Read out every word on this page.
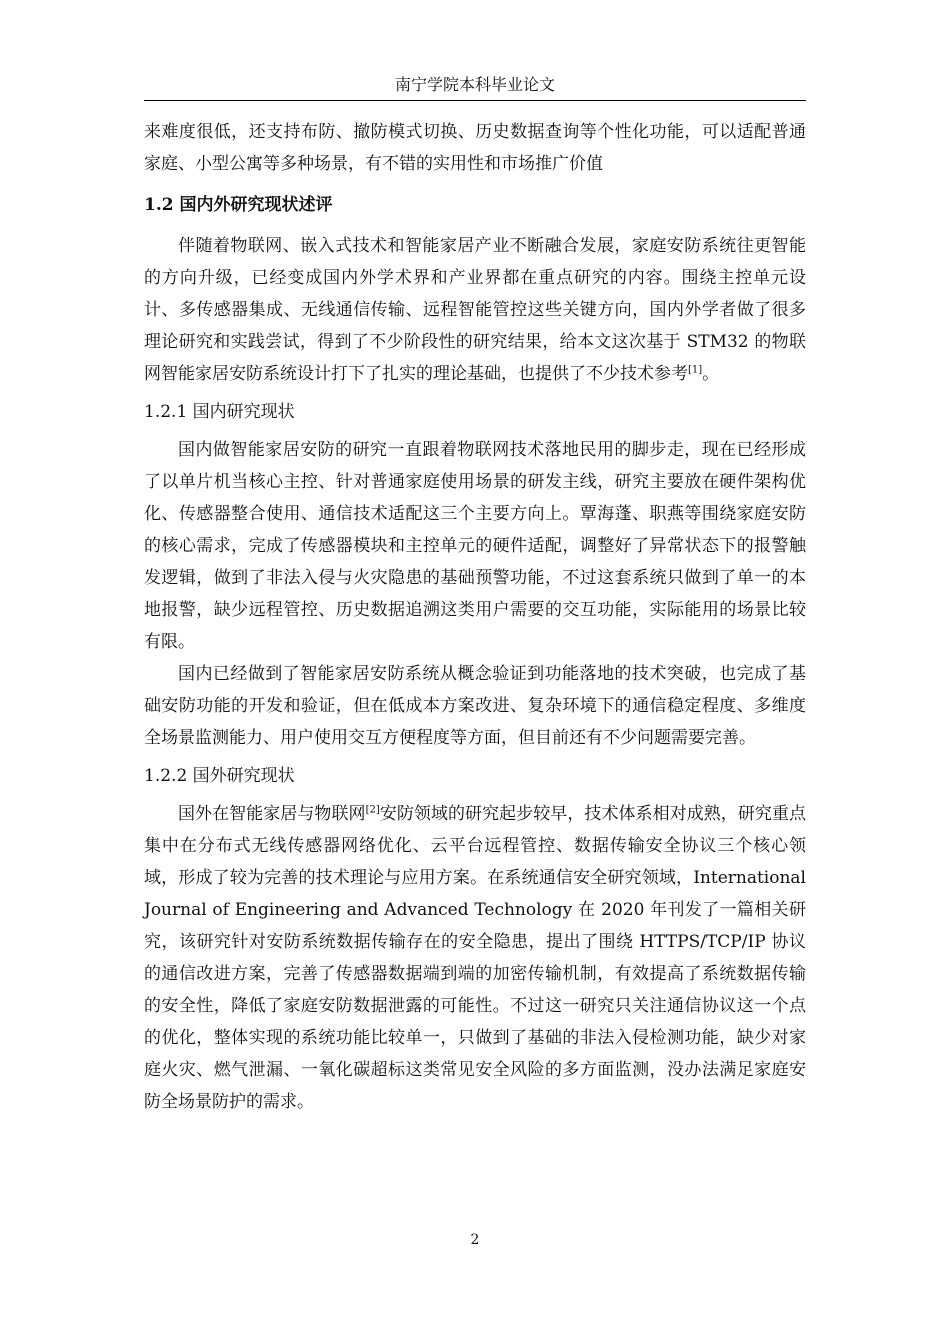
南宁学院本科毕业论文

来难度很低，还支持布防、撤防模式切换、历史数据查询等个性化功能，可以适配普通家庭、小型公寓等多种场景，有不错的实用性和市场推广价值

1.2 国内外研究现状述评

伴随着物联网、嵌入式技术和智能家居产业不断融合发展，家庭安防系统往更智能的方向升级，已经变成国内外学术界和产业界都在重点研究的内容。围绕主控单元设计、多传感器集成、无线通信传输、远程智能管控这些关键方向，国内外学者做了很多理论研究和实践尝试，得到了不少阶段性的研究结果，给本文这次基于 STM32 的物联网智能家居安防系统设计打下了扎实的理论基础，也提供了不少技术参考[1]。

1.2.1 国内研究现状

国内做智能家居安防的研究一直跟着物联网技术落地民用的脚步走，现在已经形成了以单片机当核心主控、针对普通家庭使用场景的研发主线，研究主要放在硬件架构优化、传感器整合使用、通信技术适配这三个主要方向上。覃海蓬、职燕等围绕家庭安防的核心需求，完成了传感器模块和主控单元的硬件适配，调整好了异常状态下的报警触发逻辑，做到了非法入侵与火灾隐患的基础预警功能，不过这套系统只做到了单一的本地报警，缺少远程管控、历史数据追溯这类用户需要的交互功能，实际能用的场景比较有限。

国内已经做到了智能家居安防系统从概念验证到功能落地的技术突破，也完成了基础安防功能的开发和验证，但在低成本方案改进、复杂环境下的通信稳定程度、多维度全场景监测能力、用户使用交互方便程度等方面，但目前还有不少问题需要完善。

1.2.2 国外研究现状

国外在智能家居与物联网[2]安防领域的研究起步较早，技术体系相对成熟，研究重点集中在分布式无线传感器网络优化、云平台远程管控、数据传输安全协议三个核心领域，形成了较为完善的技术理论与应用方案。在系统通信安全研究领域，International Journal of Engineering and Advanced Technology 在 2020 年刊发了一篇相关研究，该研究针对安防系统数据传输存在的安全隐患，提出了围绕 HTTPS/TCP/IP 协议的通信改进方案，完善了传感器数据端到端的加密传输机制，有效提高了系统数据传输的安全性，降低了家庭安防数据泄露的可能性。不过这一研究只关注通信协议这一个点的优化，整体实现的系统功能比较单一，只做到了基础的非法入侵检测功能，缺少对家庭火灾、燃气泄漏、一氧化碳超标这类常见安全风险的多方面监测，没办法满足家庭安防全场景防护的需求。

2
